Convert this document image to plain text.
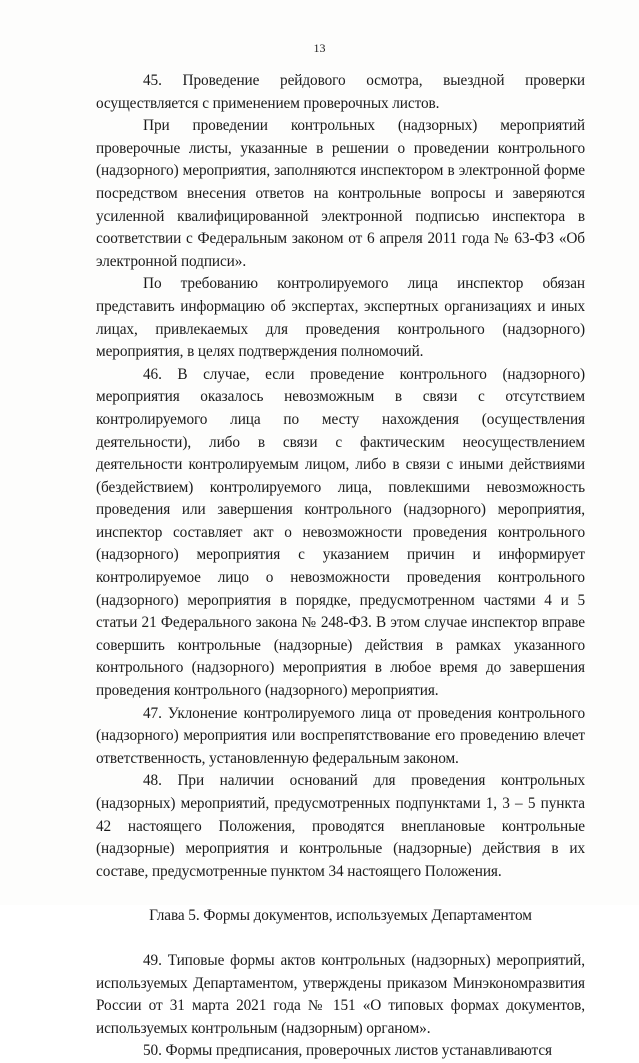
13

45. Проведение рейдового осмотра, выездной проверки осуществляется с применением проверочных листов.

При проведении контрольных (надзорных) мероприятий проверочные листы, указанные в решении о проведении контрольного (надзорного) мероприятия, заполняются инспектором в электронной форме посредством внесения ответов на контрольные вопросы и заверяются усиленной квалифицированной электронной подписью инспектора в соответствии с Федеральным законом от 6 апреля 2011 года № 63-ФЗ «Об электронной подписи».

По требованию контролируемого лица инспектор обязан представить информацию об экспертах, экспертных организациях и иных лицах, привлекаемых для проведения контрольного (надзорного) мероприятия, в целях подтверждения полномочий.

46. В случае, если проведение контрольного (надзорного) мероприятия оказалось невозможным в связи с отсутствием контролируемого лица по месту нахождения (осуществления деятельности), либо в связи с фактическим неосуществлением деятельности контролируемым лицом, либо в связи с иными действиями (бездействием) контролируемого лица, повлекшими невозможность проведения или завершения контрольного (надзорного) мероприятия, инспектор составляет акт о невозможности проведения контрольного (надзорного) мероприятия с указанием причин и информирует контролируемое лицо о невозможности проведения контрольного (надзорного) мероприятия в порядке, предусмотренном частями 4 и 5 статьи 21 Федерального закона № 248-ФЗ. В этом случае инспектор вправе совершить контрольные (надзорные) действия в рамках указанного контрольного (надзорного) мероприятия в любое время до завершения проведения контрольного (надзорного) мероприятия.

47. Уклонение контролируемого лица от проведения контрольного (надзорного) мероприятия или воспрепятствование его проведению влечет ответственность, установленную федеральным законом.

48. При наличии оснований для проведения контрольных (надзорных) мероприятий, предусмотренных подпунктами 1, 3 – 5 пункта 42 настоящего Положения, проводятся внеплановые контрольные (надзорные) мероприятия и контрольные (надзорные) действия в их составе, предусмотренные пунктом 34 настоящего Положения.

Глава 5. Формы документов, используемых Департаментом

49. Типовые формы актов контрольных (надзорных) мероприятий, используемых Департаментом, утверждены приказом Минэкономразвития России от 31 марта 2021 года № 151 «О типовых формах документов, используемых контрольным (надзорным) органом».

50. Формы предписания, проверочных листов устанавливаются
